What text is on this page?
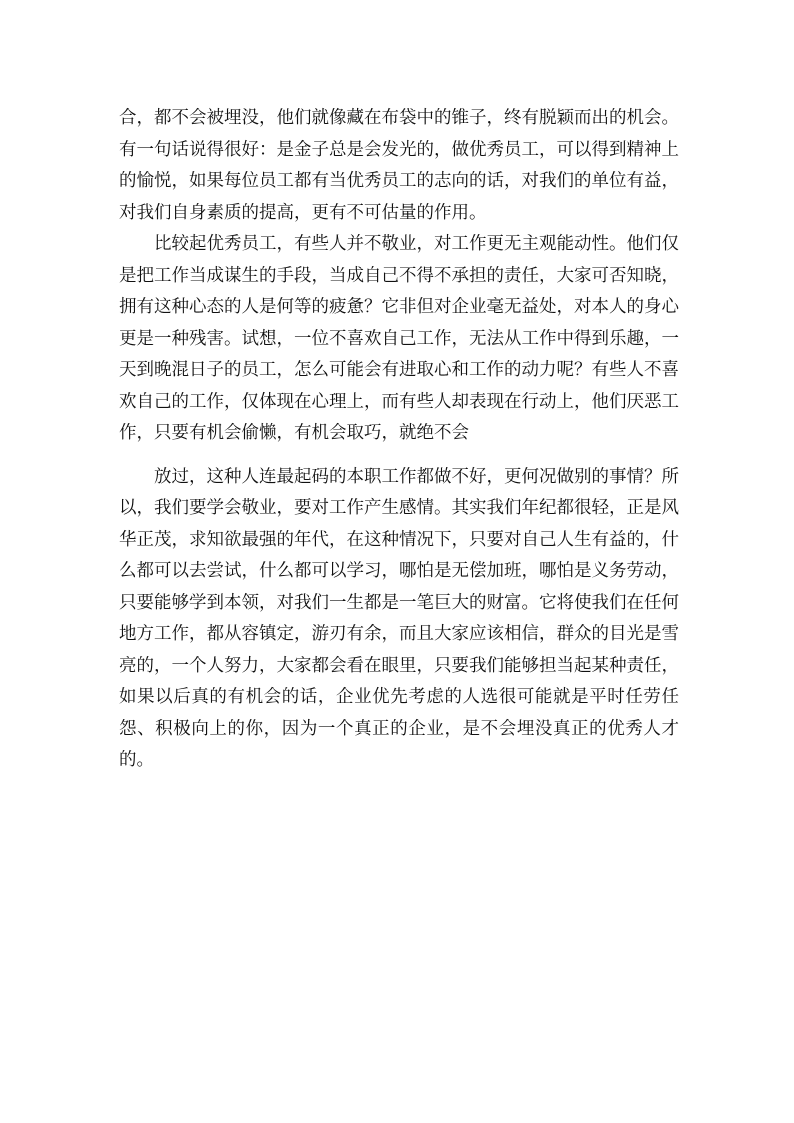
合，都不会被埋没，他们就像藏在布袋中的锥子，终有脱颖而出的机会。有一句话说得很好：是金子总是会发光的，做优秀员工，可以得到精神上的愉悦，如果每位员工都有当优秀员工的志向的话，对我们的单位有益，对我们自身素质的提高，更有不可估量的作用。

比较起优秀员工，有些人并不敬业，对工作更无主观能动性。他们仅是把工作当成谋生的手段，当成自己不得不承担的责任，大家可否知晓，拥有这种心态的人是何等的疲惫？它非但对企业毫无益处，对本人的身心更是一种残害。试想，一位不喜欢自己工作，无法从工作中得到乐趣，一天到晚混日子的员工，怎么可能会有进取心和工作的动力呢？有些人不喜欢自己的工作，仅体现在心理上，而有些人却表现在行动上，他们厌恶工作，只要有机会偷懒，有机会取巧，就绝不会

放过，这种人连最起码的本职工作都做不好，更何况做别的事情？所以，我们要学会敬业，要对工作产生感情。其实我们年纪都很轻，正是风华正茂，求知欲最强的年代，在这种情况下，只要对自己人生有益的，什么都可以去尝试，什么都可以学习，哪怕是无偿加班，哪怕是义务劳动，只要能够学到本领，对我们一生都是一笔巨大的财富。它将使我们在任何地方工作，都从容镇定，游刃有余，而且大家应该相信，群众的目光是雪亮的，一个人努力，大家都会看在眼里，只要我们能够担当起某种责任，如果以后真的有机会的话，企业优先考虑的人选很可能就是平时任劳任怨、积极向上的你，因为一个真正的企业，是不会埋没真正的优秀人才的。
